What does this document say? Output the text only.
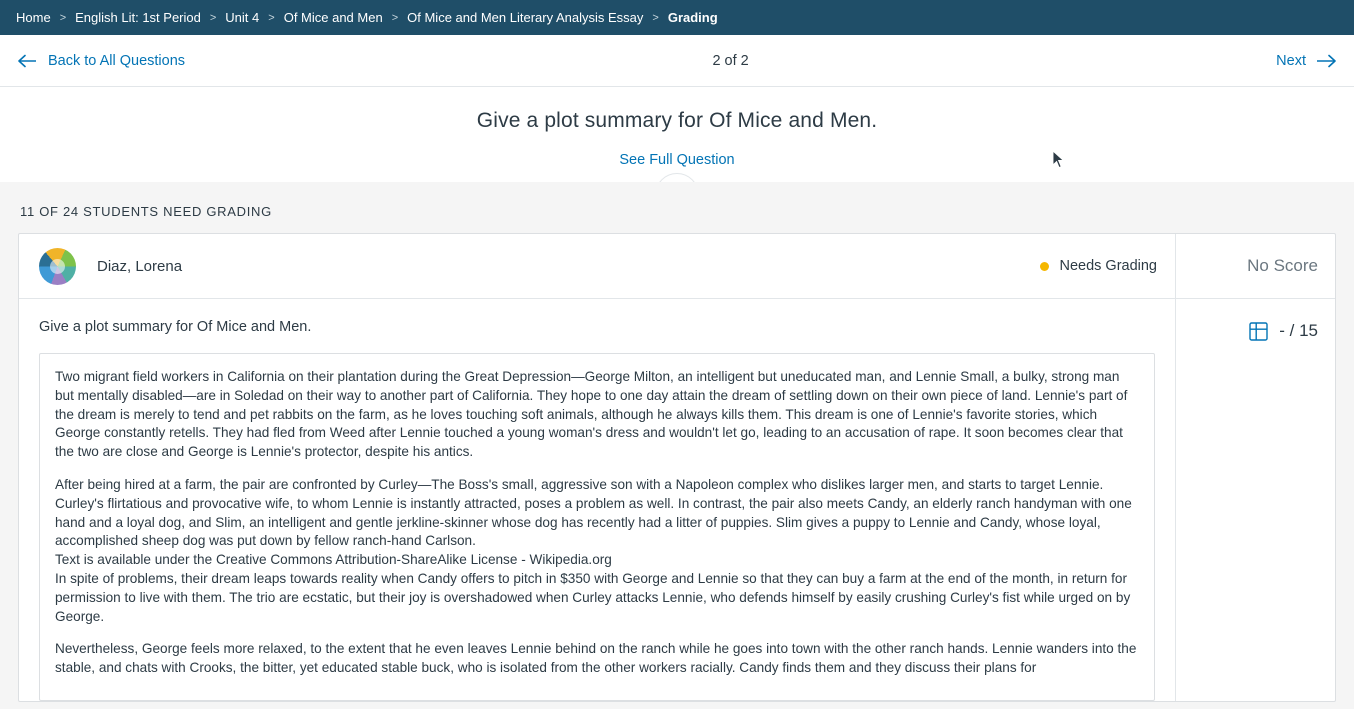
Home > English Lit: 1st Period > Unit 4 > Of Mice and Men > Of Mice and Men Literary Analysis Essay > Grading
Back to All Questions	2 of 2	Next
Give a plot summary for Of Mice and Men.
See Full Question
11 OF 24 STUDENTS NEED GRADING
Diaz, Lorena	Needs Grading
Give a plot summary for Of Mice and Men.

Two migrant field workers in California on their plantation during the Great Depression—George Milton, an intelligent but uneducated man, and Lennie Small, a bulky, strong man but mentally disabled—are in Soledad on their way to another part of California. They hope to one day attain the dream of settling down on their own piece of land. Lennie's part of the dream is merely to tend and pet rabbits on the farm, as he loves touching soft animals, although he always kills them. This dream is one of Lennie's favorite stories, which George constantly retells. They had fled from Weed after Lennie touched a young woman's dress and wouldn't let go, leading to an accusation of rape. It soon becomes clear that the two are close and George is Lennie's protector, despite his antics.

After being hired at a farm, the pair are confronted by Curley—The Boss's small, aggressive son with a Napoleon complex who dislikes larger men, and starts to target Lennie. Curley's flirtatious and provocative wife, to whom Lennie is instantly attracted, poses a problem as well. In contrast, the pair also meets Candy, an elderly ranch handyman with one hand and a loyal dog, and Slim, an intelligent and gentle jerkline-skinner whose dog has recently had a litter of puppies. Slim gives a puppy to Lennie and Candy, whose loyal, accomplished sheep dog was put down by fellow ranch-hand Carlson.

Text is available under the Creative Commons Attribution-ShareAlike License - Wikipedia.org

In spite of problems, their dream leaps towards reality when Candy offers to pitch in $350 with George and Lennie so that they can buy a farm at the end of the month, in return for permission to live with them. The trio are ecstatic, but their joy is overshadowed when Curley attacks Lennie, who defends himself by easily crushing Curley's fist while urged on by George.

Nevertheless, George feels more relaxed, to the extent that he even leaves Lennie behind on the ranch while he goes into town with the other ranch hands. Lennie wanders into the stable, and chats with Crooks, the bitter, yet educated stable buck, who is isolated from the other workers racially. Candy finds them and they discuss their plans for

No Score
- / 15
